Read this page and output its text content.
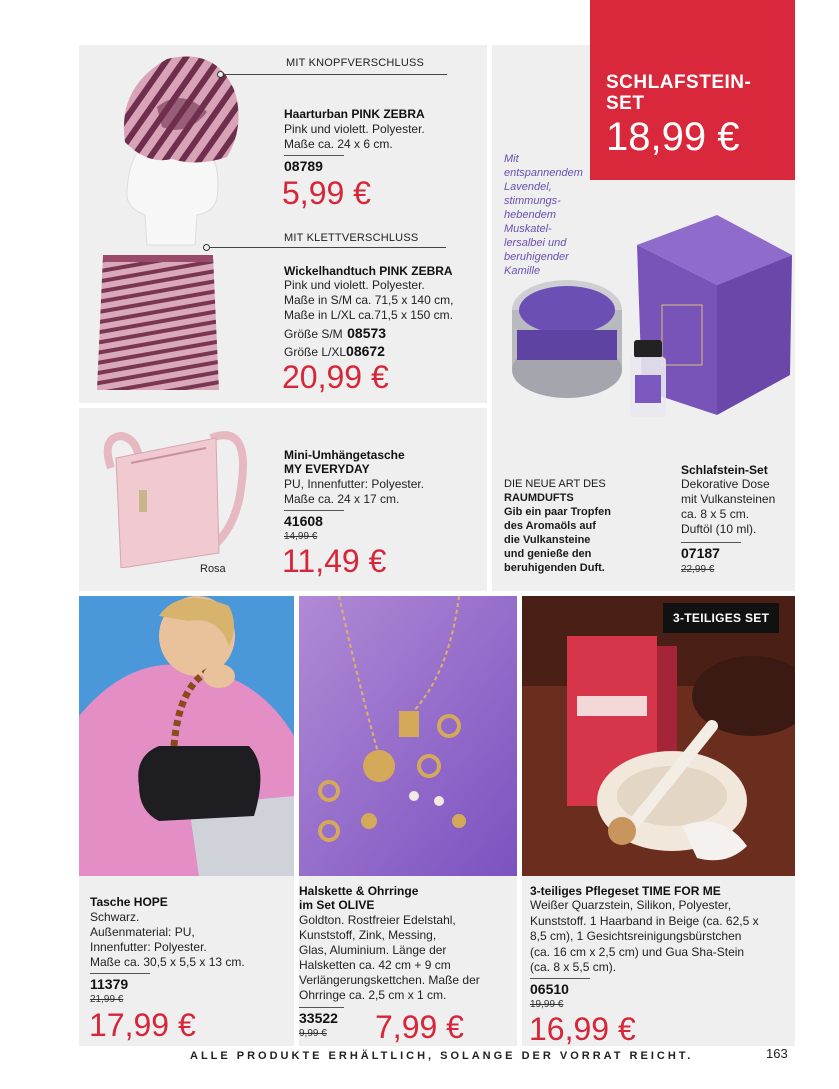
MIT KNOPFVERSCHLUSS
Haarturban PINK ZEBRA
Pink und violett. Polyester.
Maße ca. 24 x 6 cm.
08789
5,99 €
MIT KLETTVERSCHLUSS
Wickelhandtuch PINK ZEBRA
Pink und violett. Polyester.
Maße in S/M ca. 71,5 x 140 cm,
Maße in L/XL ca.71,5 x 150 cm.
Größe S/M 08573
Größe L/XL08672
20,99 €
Rosa
Mini-Umhängetasche
MY EVERYDAY
PU, Innenfutter: Polyester.
Maße ca. 24 x 17 cm.
41608
14,99 €
11,49 €
Mit
entspannendem
Lavendel,
stimmungs-
hebendem
Muskatel-
lersalbei und
beruhigender
Kamille
DIE NEUE ART DES
RAUMDUFTS
Gib ein paar Tropfen
des Aromaöls auf
die Vulkansteine
und genieße den
beruhigenden Duft.
Schlafstein-Set
Dekorative Dose
mit Vulkansteinen
ca. 8 x 5 cm.
Duftöl (10 ml).
07187
22,99 €
SCHLAFSTEIN-
SET
18,99 €
Tasche HOPE
Schwarz.
Außenmaterial: PU,
Innenfutter: Polyester.
Maße ca. 30,5 x 5,5 x 13 cm.
11379
21,99 €
17,99 €
Halskette & Ohrringe
im Set OLIVE
Goldton. Rostfreier Edelstahl,
Kunststoff, Zink, Messing,
Glas, Aluminium. Länge der
Halsketten ca. 42 cm + 9 cm
Verlängerungskettchen. Maße der
Ohrringe ca. 2,5 cm x 1 cm.
33522
9,99 € 7,99 €
3-TEILIGES SET
3-teiliges Pflegeset TIME FOR ME
Weißer Quarzstein, Silikon, Polyester,
Kunststoff. 1 Haarband in Beige (ca. 62,5 x
8,5 cm), 1 Gesichtsreinigungsbürstchen
(ca. 16 cm x 2,5 cm) und Gua Sha-Stein
(ca. 8 x 5,5 cm).
06510
19,99 €
16,99 €
ALLE PRODUKTE ERHÄLTLICH, SOLANGE DER VORRAT REICHT.	163
